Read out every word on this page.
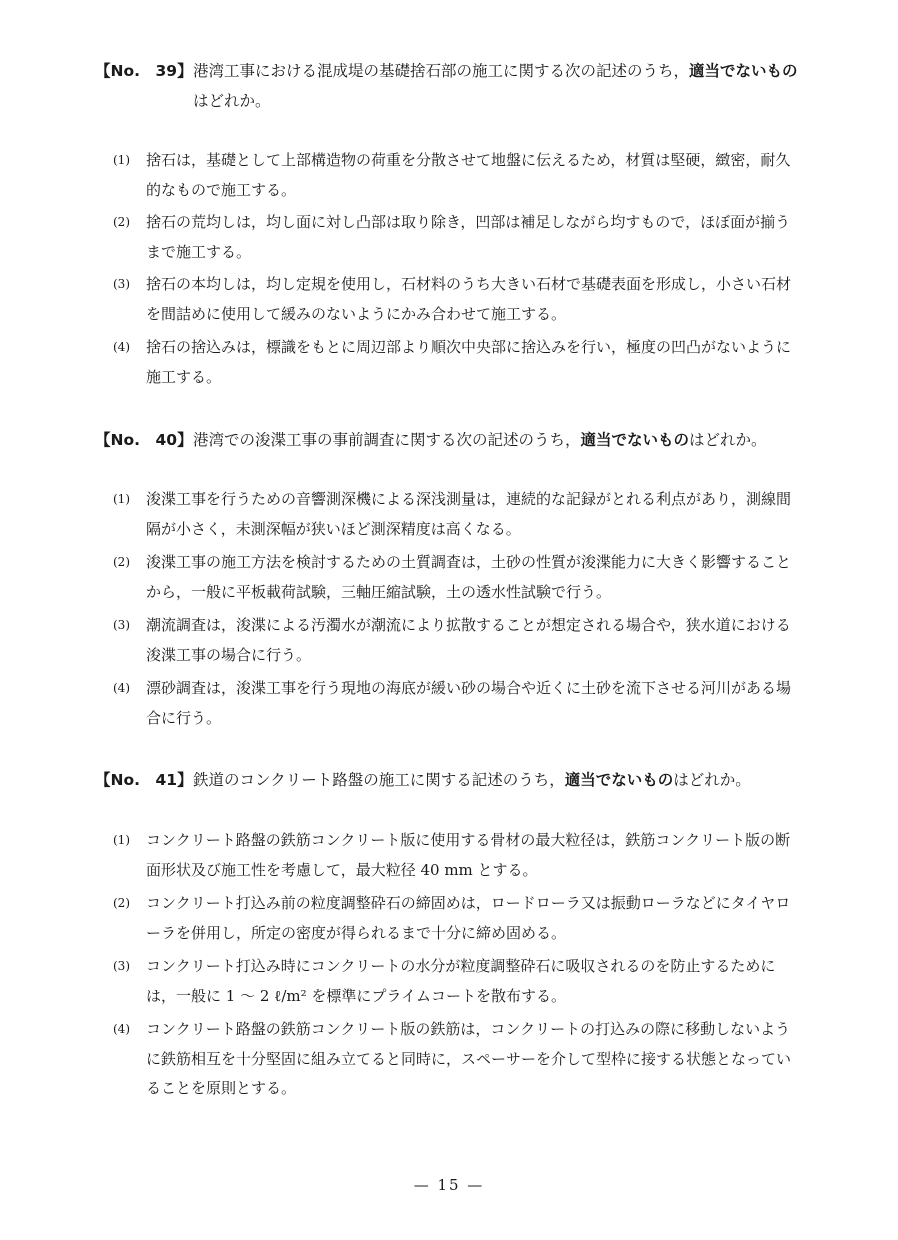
【No.　39】 港湾工事における混成堤の基礎捨石部の施工に関する次の記述のうち，適当でないものはどれか。
(1)	捨石は，基礎として上部構造物の荷重を分散させて地盤に伝えるため，材質は堅硬，緻密，耐久的なもので施工する。
(2)	捨石の荒均しは，均し面に対し凸部は取り除き，凹部は補足しながら均すもので，ほぼ面が揃うまで施工する。
(3)	捨石の本均しは，均し定規を使用し，石材料のうち大きい石材で基礎表面を形成し，小さい石材を間詰めに使用して緩みのないようにかみ合わせて施工する。
(4)	捨石の捨込みは，標識をもとに周辺部より順次中央部に捨込みを行い，極度の凹凸がないように施工する。
【No.　40】 港湾での浚渫工事の事前調査に関する次の記述のうち，適当でないものはどれか。
(1)	浚渫工事を行うための音響測深機による深浅測量は，連続的な記録がとれる利点があり，測線間隔が小さく，未測深幅が狭いほど測深精度は高くなる。
(2)	浚渫工事の施工方法を検討するための土質調査は，土砂の性質が浚渫能力に大きく影響することから，一般に平板載荷試験，三軸圧縮試験，土の透水性試験で行う。
(3)	潮流調査は，浚渫による汚濁水が潮流により拡散することが想定される場合や，狭水道における浚渫工事の場合に行う。
(4)	漂砂調査は，浚渫工事を行う現地の海底が緩い砂の場合や近くに土砂を流下させる河川がある場合に行う。
【No.　41】 鉄道のコンクリート路盤の施工に関する記述のうち，適当でないものはどれか。
(1)	コンクリート路盤の鉄筋コンクリート版に使用する骨材の最大粒径は，鉄筋コンクリート版の断面形状及び施工性を考慮して，最大粒径 40 mm とする。
(2)	コンクリート打込み前の粒度調整砕石の締固めは，ロードローラ又は振動ローラなどにタイヤローラを併用し，所定の密度が得られるまで十分に締め固める。
(3)	コンクリート打込み時にコンクリートの水分が粒度調整砕石に吸収されるのを防止するためには，一般に 1 ～ 2 ℓ/m² を標準にプライムコートを散布する。
(4)	コンクリート路盤の鉄筋コンクリート版の鉄筋は，コンクリートの打込みの際に移動しないように鉄筋相互を十分堅固に組み立てると同時に，スペーサーを介して型枠に接する状態となっていることを原則とする。
— 15 —
